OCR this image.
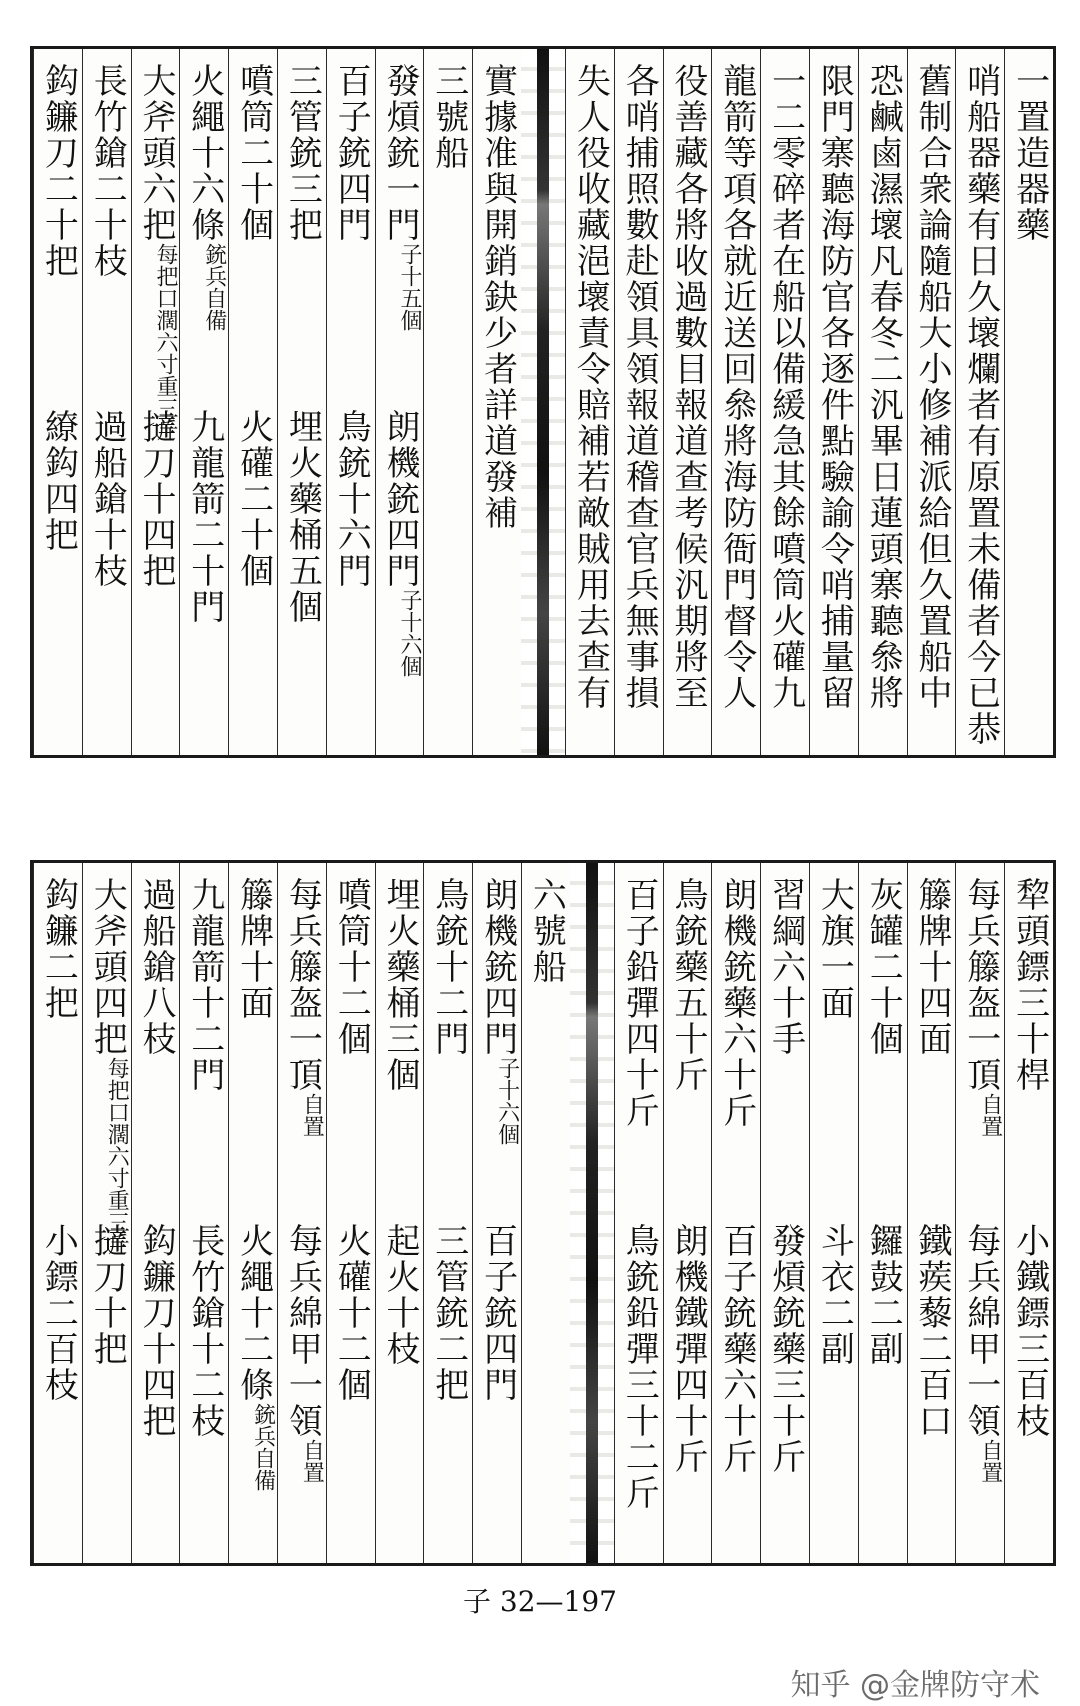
一置造器藥
哨船器藥有日久壞爛者有原置未備者今已恭
舊制合衆論隨船大小修補派給但久置船中
恐鹹鹵濕壞凡春冬二汎畢日蓮頭寨聽叅將
限門寨聽海防官各逐件點驗諭令哨捕量留
一二零碎者在船以備緩急其餘噴筒火礶九
龍箭等項各就近送回叅將海防衙門督令人
役善藏各將收過數目報道查考候汎期將至
各哨捕照數赴領具領報道稽查官兵無事損
失人役收藏浥壞責令賠補若敵賊用去查有
實據准與開銷鈌少者詳道發補
三號船
發熕銃一門
子十五個
朗機銃四門
子十六個
百子銃四門
鳥銃十六門
三管銃三把
埋火藥桶五個
噴筒二十個
火礶二十個
火繩十六條
銃兵自備
九龍箭二十門
大斧頭六把
每把口濶六寸重三斤
撻刀十四把
長竹鎗二十枝
過船鎗十枝
鈎鐮刀二十把
繚鈎四把
犂頭鏢三十桿
小鐵鏢三百枝
每兵籐盔一頂
自置
每兵綿甲一領
自置
籐牌十四面
鐵蒺藜二百口
灰罐二十個
鑼鼓二副
大旗一面
斗衣二副
習綱六十手
發熕銃藥三十斤
朗機銃藥六十斤
百子銃藥六十斤
鳥銃藥五十斤
朗機鐵彈四十斤
百子鉛彈四十斤
鳥銃鉛彈三十二斤
六號船
朗機銃四門
子十六個
百子銃四門
鳥銃十二門
三管銃二把
埋火藥桶三個
起火十枝
噴筒十二個
火礶十二個
每兵籐盔一頂
自置
每兵綿甲一領
自置
籐牌十面
火繩十二條
銃兵自備
九龍箭十二門
長竹鎗十二枝
過船鎗八枝
鈎鐮刀十四把
大斧頭四把
每把口濶六寸重三斤
撻刀十把
鈎鐮二把
小鏢二百枝
子 32—197
知乎 @金牌防守术
